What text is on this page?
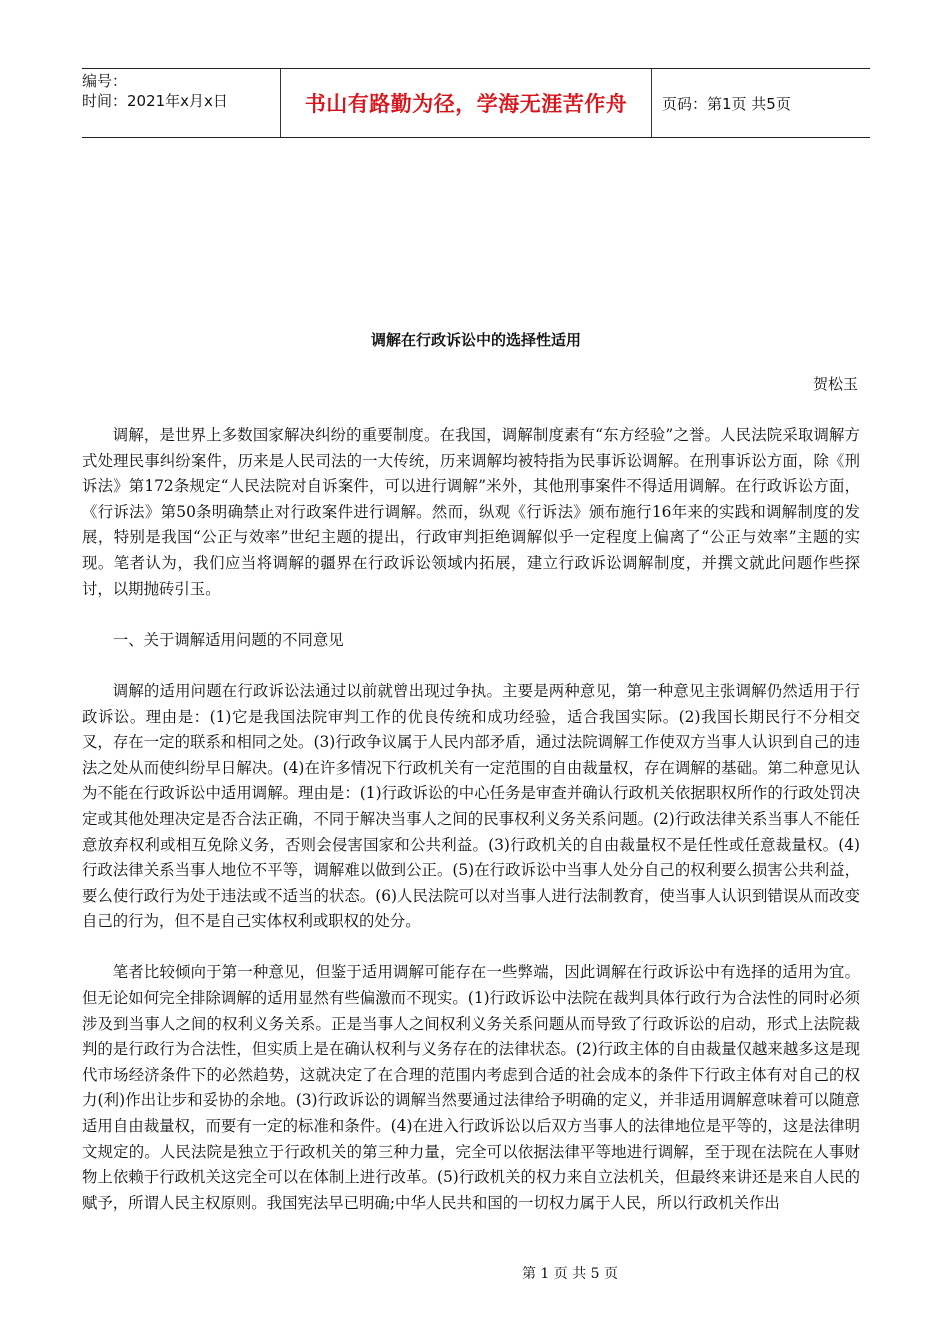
编号：
时间：2021年x月x日	书山有路勤为径，学海无涯苦作舟	页码：第1页 共5页
调解在行政诉讼中的选择性适用
贺松玉

调解，是世界上多数国家解决纠纷的重要制度。在我国，调解制度素有“东方经验”之誉。人民法院采取调解方式处理民事纠纷案件，历来是人民司法的一大传统，历来调解均被特指为民事诉讼调解。在刑事诉讼方面，除《刑诉法》第172条规定“人民法院对自诉案件，可以进行调解”米外，其他刑事案件不得适用调解。在行政诉讼方面，《行诉法》第50条明确禁止对行政案件进行调解。然而，纵观《行诉法》颁布施行16年来的实践和调解制度的发展，特别是我国“公正与效率”世纪主题的提出，行政审判拒绝调解似乎一定程度上偏离了“公正与效率”主题的实现。笔者认为，我们应当将调解的疆界在行政诉讼领域内拓展，建立行政诉讼调解制度，并撰文就此问题作些探讨，以期抛砖引玉。

一、关于调解适用问题的不同意见

调解的适用问题在行政诉讼法通过以前就曾出现过争执。主要是两种意见，第一种意见主张调解仍然适用于行政诉讼。理由是：(1)它是我国法院审判工作的优良传统和成功经验，适合我国实际。(2)我国长期民行不分相交叉，存在一定的联系和相同之处。(3)行政争议属于人民内部矛盾，通过法院调解工作使双方当事人认识到自己的违法之处从而使纠纷早日解决。(4)在许多情况下行政机关有一定范围的自由裁量权，存在调解的基础。第二种意见认为不能在行政诉讼中适用调解。理由是：(1)行政诉讼的中心任务是审查并确认行政机关依据职权所作的行政处罚决定或其他处理决定是否合法正确，不同于解决当事人之间的民事权利义务关系问题。(2)行政法律关系当事人不能任意放弃权利或相互免除义务，否则会侵害国家和公共利益。(3)行政机关的自由裁量权不是任性或任意裁量权。(4)行政法律关系当事人地位不平等，调解难以做到公正。(5)在行政诉讼中当事人处分自己的权利要么损害公共利益，要么使行政行为处于违法或不适当的状态。(6)人民法院可以对当事人进行法制教育，使当事人认识到错误从而改变自己的行为，但不是自己实体权利或职权的处分。

笔者比较倾向于第一种意见，但鉴于适用调解可能存在一些弊端，因此调解在行政诉讼中有选择的适用为宜。但无论如何完全排除调解的适用显然有些偏激而不现实。(1)行政诉讼中法院在裁判具体行政行为合法性的同时必须涉及到当事人之间的权利义务关系。正是当事人之间权利义务关系问题从而导致了行政诉讼的启动，形式上法院裁判的是行政行为合法性，但实质上是在确认权利与义务存在的法律状态。(2)行政主体的自由裁量仅越来越多这是现代市场经济条件下的必然趋势，这就决定了在合理的范围内考虑到合适的社会成本的条件下行政主体有对自己的权力(利)作出让步和妥协的余地。(3)行政诉讼的调解当然要通过法律给予明确的定义，并非适用调解意味着可以随意适用自由裁量权，而要有一定的标准和条件。(4)在进入行政诉讼以后双方当事人的法律地位是平等的，这是法律明文规定的。人民法院是独立于行政机关的第三种力量，完全可以依据法律平等地进行调解，至于现在法院在人事财物上依赖于行政机关这完全可以在体制上进行改革。(5)行政机关的权力来自立法机关，但最终来讲还是来自人民的赋予，所谓人民主权原则。我国宪法早已明确;中华人民共和国的一切权力属于人民，所以行政机关作出

第 1 页 共 5 页
